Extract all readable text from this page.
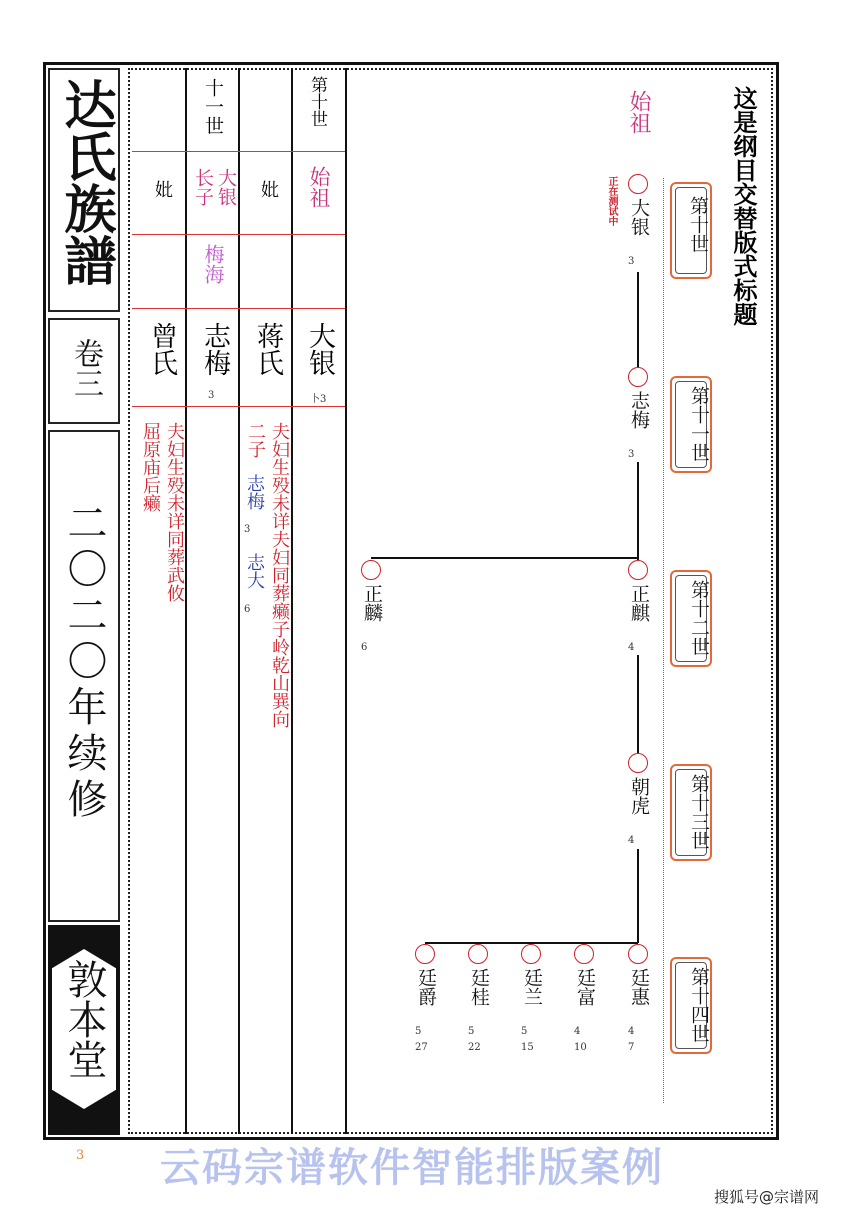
达氏族譜
卷三
二〇二〇年续修
敦本堂
3
第十世
十一世
始祖
大银
卜3
妣
蒋氏
夫妇生殁未详夫妇同葬癞子岭乾山巽向
二子
志梅
3
志大
6
大银
长子
梅海
志梅
3
妣
曾氏
夫妇生殁未详同葬武攸
屈原庙后癞
这是纲目交替版式标题
始祖
正在测试中	第十世
第十一世
第十二世
第十三世
第十四世
大银
3
志梅
3
正麒
4
正麟
6
朝虎
4
廷惠
4
7
廷富
4
10
廷兰
5
15
廷桂
5
22
廷爵
5
27
云码宗谱软件智能排版案例
搜狐号@宗谱网
